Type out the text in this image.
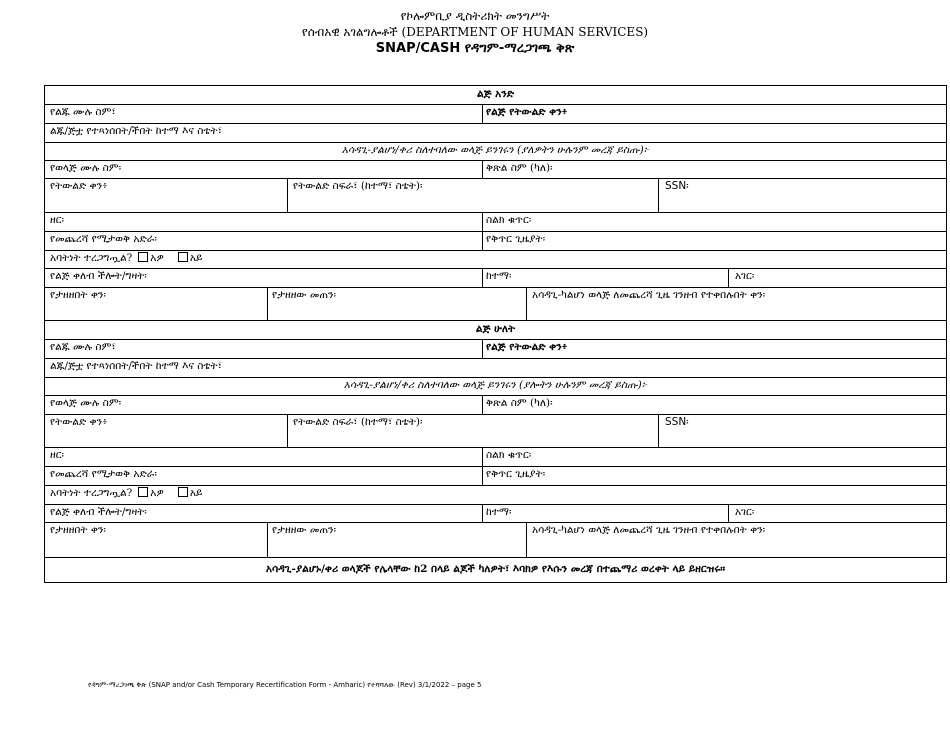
የኮሎምቢያ ዲስትሪክት መንግሥት
የሰብአዊ አገልግሎቶች (DEPARTMENT OF HUMAN SERVICES)
SNAP/CASH የዳግም-ማረጋገጫ ቅጽ
ልጅ አንድ
የልጁ ሙሉ ስም፣	የልጅ የትውልድ ቀን፥
ልጁ/ጅቷ የተጻነሰበት/ችበት ከተማ እና ስቴት፣
አሳዳጊ-ያልሆነ/ቀሪ ስለተባለው ወላጅ ይንገሩን (ያለዎትን ሁሉንም መረጃ ይስጡ)፦
የወላጅ ሙሉ ስም፡	ቅጽል ስም (ካለ)፡
የትውልድ ቀን፥	የትውልድ ስፍራ፣ (ከተማ፣ ስቴት)፡	SSN፡
ዘር፡	ስልክ ቁጥር፡
የመጨረሻ የሚታወቅ አድራ፡	የቅጥር ጊዜያት፡
አባትነት ተረጋግጧል? አዎ አይ
የልጅ ቀለብ ችሎት/ግዛት፡	ከተማ፡	አገር፡
የታዘዘበት ቀን፡	የታዘዘው መጠን፡	አሳዳጊ-ካልሆነ ወላጅ ለመጨረሻ ጊዜ ገንዘብ የተቀበሉበት ቀን፡
ልጅ ሁለት
የልጁ ሙሉ ስም፣	የልጅ የትውልድ ቀን፥
ልጁ/ጅቷ የተጻነሰበት/ችበት ከተማ እና ስቴት፣
አሳዳጊ-ያልሆነ/ቀሪ ስለተባለው ወላጅ ይንገሩን (ያሎትን ሁሉንም መረጃ ይስጡ)፦
የወላጅ ሙሉ ስም፡	ቅጽል ስም (ካለ)፡
የትውልድ ቀን፥	የትውልድ ስፍራ፣ (ከተማ፣ ስቴት)፡	SSN፡
ዘር፡	ስልክ ቁጥር፡
የመጨረሻ የሚታወቅ አድራ፡	የቅጥር ጊዜያት፡
አባትነት ተረጋግጧል? አዎ አይ
የልጅ ቀለብ ችሎት/ግዛት፡	ከተማ፡	አገር፡
የታዘዘበት ቀን፡	የታዘዘው መጠን፡	አሳዳጊ-ካልሆነ ወላጅ ለመጨረሻ ጊዜ ገንዘብ የተቀበሉበት ቀን፡
አሳዳጊ-ያልሆኑ/ቀሪ ወላጆች የሌላቸው ከ2 በላይ ልጆች ካለዎት፣ እባክዎ የእሱን መረጃ በተጨማሪ ወረቀት ላይ ይዘርዝሩ።
የዳግም-ማረጋገጫ ቅጽ (SNAP and/or Cash Temporary Recertification Form - Amharic) የተሻሻለው (Rev) 3/1/2022 – page 5
